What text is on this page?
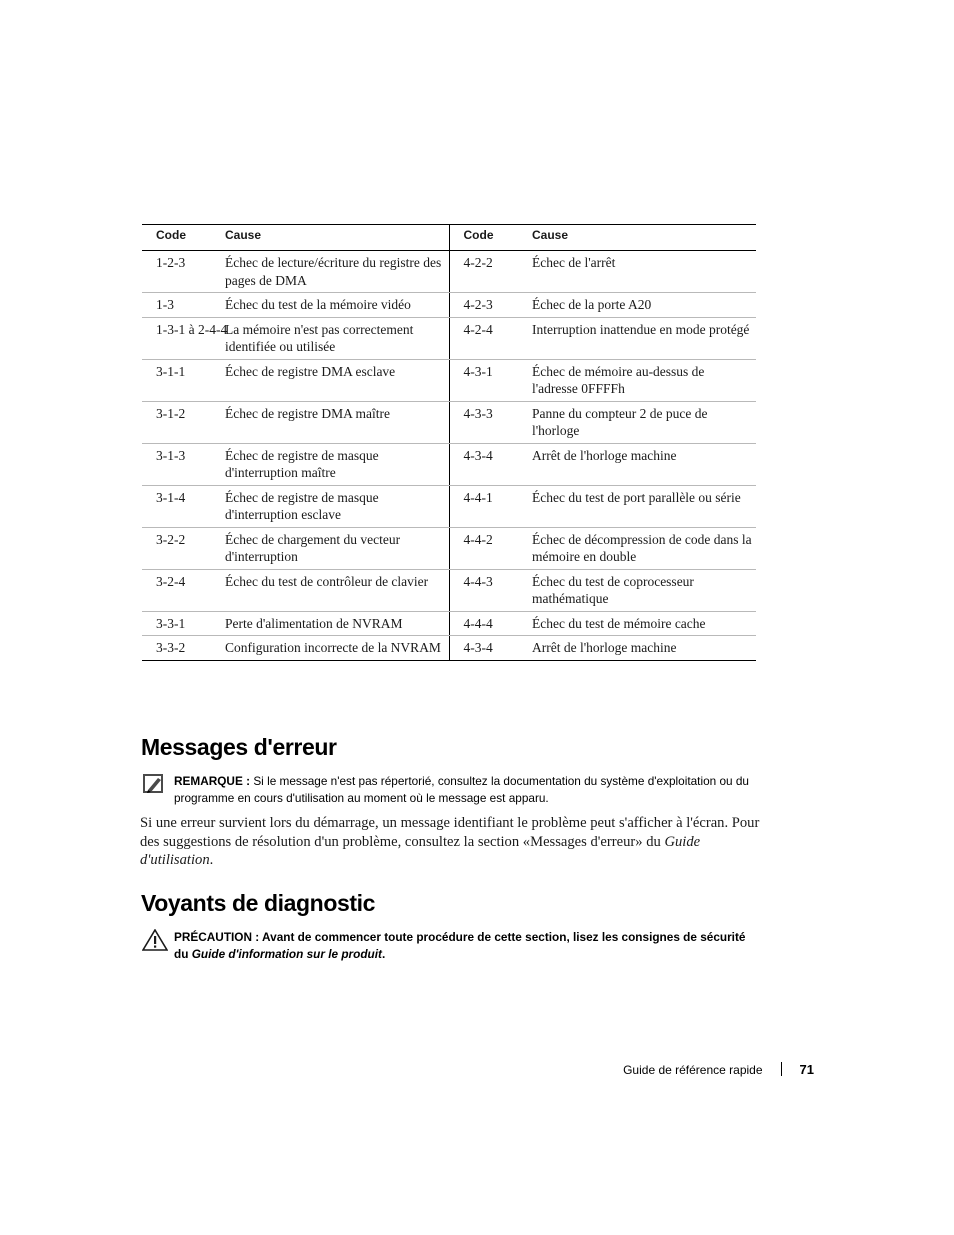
Code	Cause	Code	Cause
1-2-3	Échec de lecture/écriture du registre des pages de DMA	4-2-2	Échec de l'arrêt
1-3	Échec du test de la mémoire vidéo	4-2-3	Échec de la porte A20
1-3-1 à 2-4-4	La mémoire n'est pas correctement identifiée ou utilisée	4-2-4	Interruption inattendue en mode protégé
3-1-1	Échec de registre DMA esclave	4-3-1	Échec de mémoire au-dessus de l'adresse 0FFFFh
3-1-2	Échec de registre DMA maître	4-3-3	Panne du compteur 2 de puce de l'horloge
3-1-3	Échec de registre de masque d'interruption maître	4-3-4	Arrêt de l'horloge machine
3-1-4	Échec de registre de masque d'interruption esclave	4-4-1	Échec du test de port parallèle ou série
3-2-2	Échec de chargement du vecteur d'interruption	4-4-2	Échec de décompression de code dans la mémoire en double
3-2-4	Échec du test de contrôleur de clavier	4-4-3	Échec du test de coprocesseur mathématique
3-3-1	Perte d'alimentation de NVRAM	4-4-4	Échec du test de mémoire cache
3-3-2	Configuration incorrecte de la NVRAM	4-3-4	Arrêt de l'horloge machine
Messages d'erreur
REMARQUE : Si le message n'est pas répertorié, consultez la documentation du système d'exploitation ou du programme en cours d'utilisation au moment où le message est apparu.
Si une erreur survient lors du démarrage, un message identifiant le problème peut s'afficher à l'écran. Pour des suggestions de résolution d'un problème, consultez la section «Messages d'erreur» du Guide d'utilisation.
Voyants de diagnostic
PRÉCAUTION : Avant de commencer toute procédure de cette section, lisez les consignes de sécurité du Guide d'information sur le produit.
Guide de référence rapide	71
